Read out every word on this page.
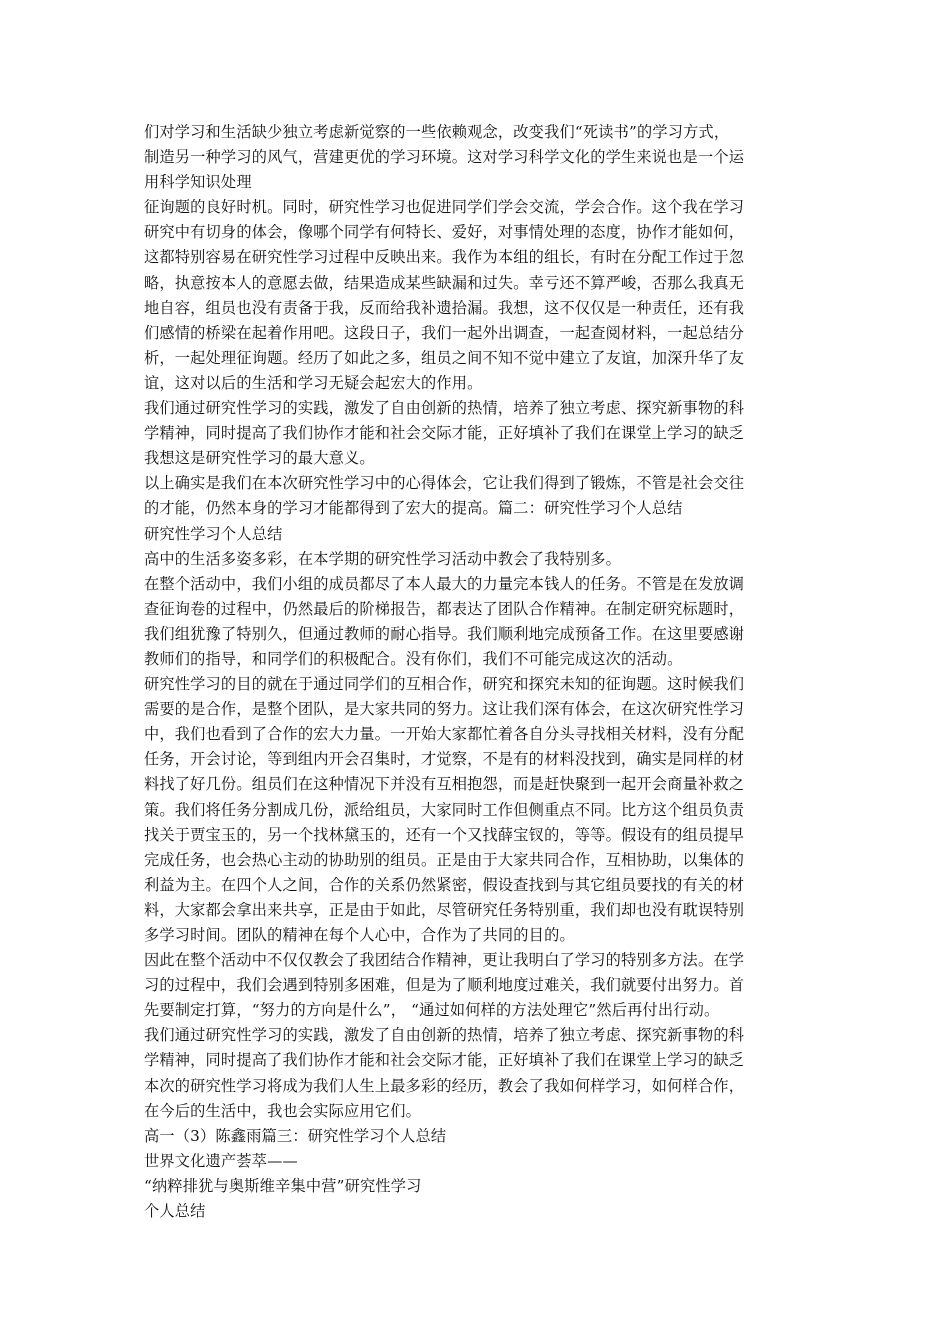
们对学习和生活缺少独立考虑新觉察的一些依赖观念，改变我们“死读书”的学习方式，
制造另一种学习的风气，营建更优的学习环境。这对学习科学文化的学生来说也是一个运
用科学知识处理
征询题的良好时机。同时，研究性学习也促进同学们学会交流，学会合作。这个我在学习
研究中有切身的体会，像哪个同学有何特长、爱好，对事情处理的态度，协作才能如何，
这都特别容易在研究性学习过程中反映出来。我作为本组的组长，有时在分配工作过于忽
略，执意按本人的意愿去做，结果造成某些缺漏和过失。幸亏还不算严峻，否那么我真无
地自容，组员也没有责备于我，反而给我补遗拾漏。我想，这不仅仅是一种责任，还有我
们感情的桥梁在起着作用吧。这段日子，我们一起外出调查，一起查阅材料，一起总结分
析，一起处理征询题。经历了如此之多，组员之间不知不觉中建立了友谊，加深升华了友
谊，这对以后的生活和学习无疑会起宏大的作用。
我们通过研究性学习的实践，激发了自由创新的热情，培养了独立考虑、探究新事物的科
学精神，同时提高了我们协作才能和社会交际才能，正好填补了我们在课堂上学习的缺乏
我想这是研究性学习的最大意义。
以上确实是我们在本次研究性学习中的心得体会，它让我们得到了锻炼，不管是社会交往
的才能，仍然本身的学习才能都得到了宏大的提高。篇二：研究性学习个人总结
研究性学习个人总结
高中的生活多姿多彩，在本学期的研究性学习活动中教会了我特别多。
在整个活动中，我们小组的成员都尽了本人最大的力量完本钱人的任务。不管是在发放调
查征询卷的过程中，仍然最后的阶梯报告，都表达了团队合作精神。在制定研究标题时，
我们组犹豫了特别久，但通过教师的耐心指导。我们顺利地完成预备工作。在这里要感谢
教师们的指导，和同学们的积极配合。没有你们，我们不可能完成这次的活动。
研究性学习的目的就在于通过同学们的互相合作，研究和探究未知的征询题。这时候我们
需要的是合作，是整个团队，是大家共同的努力。这让我们深有体会，在这次研究性学习
中，我们也看到了合作的宏大力量。一开始大家都忙着各自分头寻找相关材料，没有分配
任务，开会讨论，等到组内开会召集时，才觉察，不是有的材料没找到，确实是同样的材
料找了好几份。组员们在这种情况下并没有互相抱怨，而是赶快聚到一起开会商量补救之
策。我们将任务分割成几份，派给组员，大家同时工作但侧重点不同。比方这个组员负责
找关于贾宝玉的，另一个找林黛玉的，还有一个又找薛宝钗的，等等。假设有的组员提早
完成任务，也会热心主动的协助别的组员。正是由于大家共同合作，互相协助，以集体的
利益为主。在四个人之间，合作的关系仍然紧密，假设查找到与其它组员要找的有关的材
料，大家都会拿出来共享，正是由于如此，尽管研究任务特别重，我们却也没有耽误特别
多学习时间。团队的精神在每个人心中，合作为了共同的目的。
因此在整个活动中不仅仅教会了我团结合作精神，更让我明白了学习的特别多方法。在学
习的过程中，我们会遇到特别多困难，但是为了顺利地度过难关，我们就要付出努力。首
先要制定打算，“努力的方向是什么”， “通过如何样的方法处理它”然后再付出行动。
我们通过研究性学习的实践，激发了自由创新的热情，培养了独立考虑、探究新事物的科
学精神，同时提高了我们协作才能和社会交际才能，正好填补了我们在课堂上学习的缺乏
本次的研究性学习将成为我们人生上最多彩的经历，教会了我如何样学习，如何样合作，
在今后的生活中，我也会实际应用它们。
高一（3）陈鑫雨篇三：研究性学习个人总结
世界文化遗产荟萃——
“纳粹排犹与奥斯维辛集中营”研究性学习
个人总结
